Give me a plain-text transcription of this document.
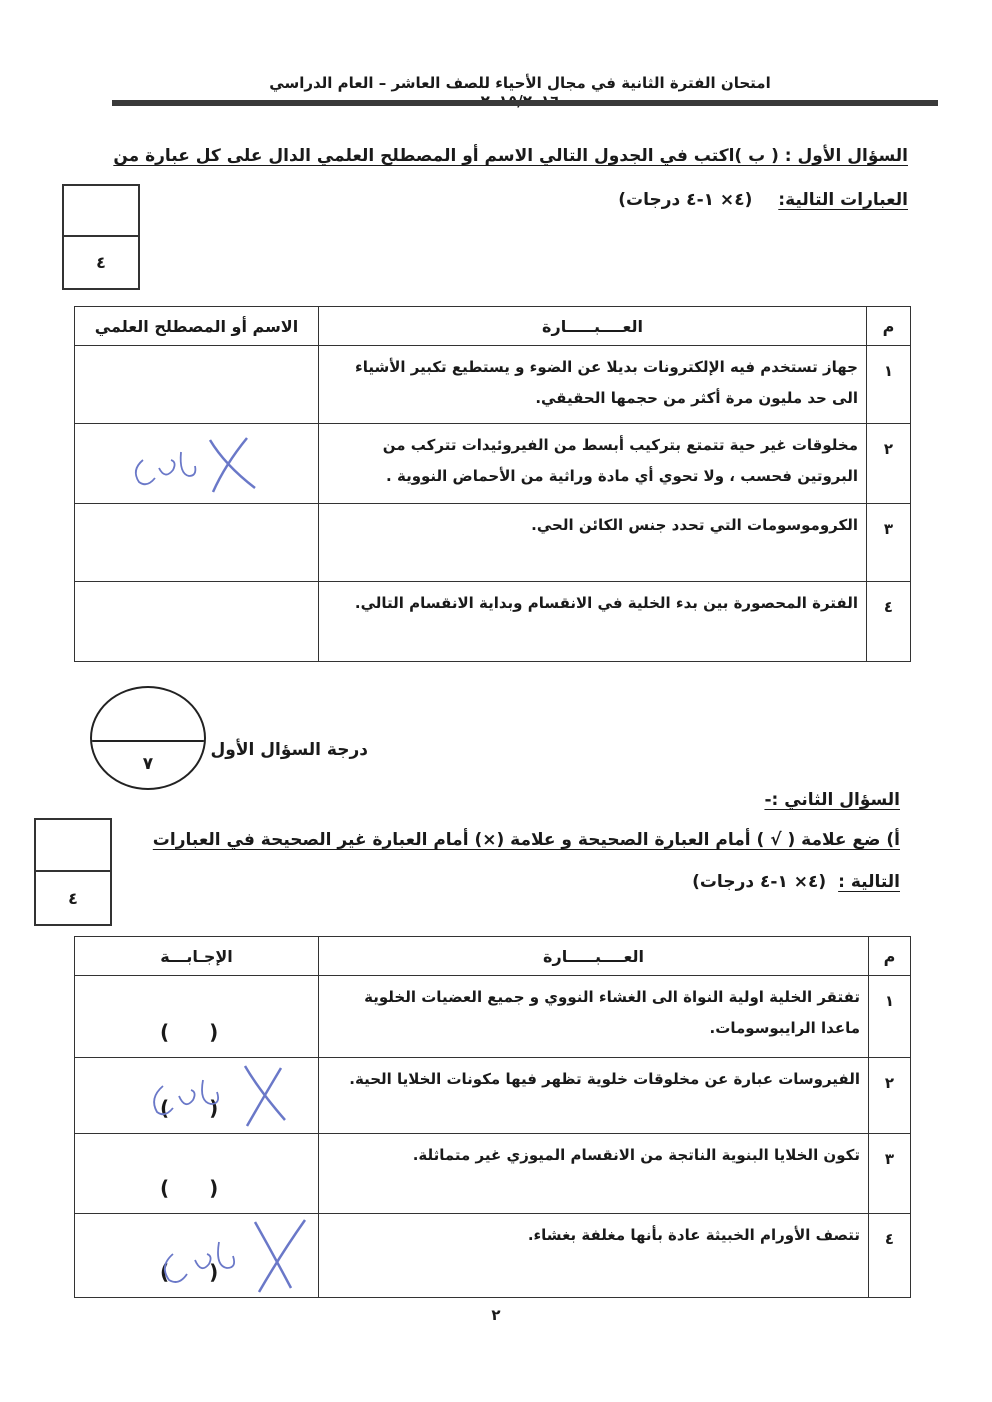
امتحان الفترة الثانية في مجال الأحياء للصف العاشر – العام الدراسي
السؤال الأول : ( ب )اكتب في الجدول التالي الاسم أو المصطلح العلمي الدال على كل عبارة من
العبارات التالية: (٤× ١-٤ درجات)
٤
م	العــــبـــــارة	الاسم أو المصطلح العلمي
١	جهاز تستخدم فيه الإلكترونات بديلا عن الضوء و يستطيع تكبير الأشياء الى حد مليون مرة أكثر من حجمها الحقيقي.	
٢	مخلوقات غير حية تتمتع بتركيب أبسط من الفيروئيدات تتركب من البروتين فحسب ، ولا تحوي أي مادة وراثية من الأحماض النووية .	

٣	الكروموسومات التي تحدد جنس الكائن الحي.	
٤	الفترة المحصورة بين بدء الخلية في الانقسام وبداية الانقسام التالي.	
٧
درجة السؤال الأول
السؤال الثاني :-
أ) ضع علامة ( √ ) أمام العبارة الصحيحة و علامة (×) أمام العبارة غير الصحيحة في العبارات
التالية : (٤× ١-٤ درجات)
٤
م	العــــبـــــارة	الإجـابـــة
١	تفتقر الخلية اولية النواة الى الغشاء النووي و جميع العضيات الخلوية ماعدا الرايبوسومات.	()

٢	الفيروسات عبارة عن مخلوقات خلوية تظهر فيها مكونات الخلايا الحية.	()

٣	تكون الخلايا البنوية الناتجة من الانقسام الميوزي غير متماثلة.	()

٤	تتصف الأورام الخبيثة عادة بأنها مغلفة بغشاء.	()
٢
